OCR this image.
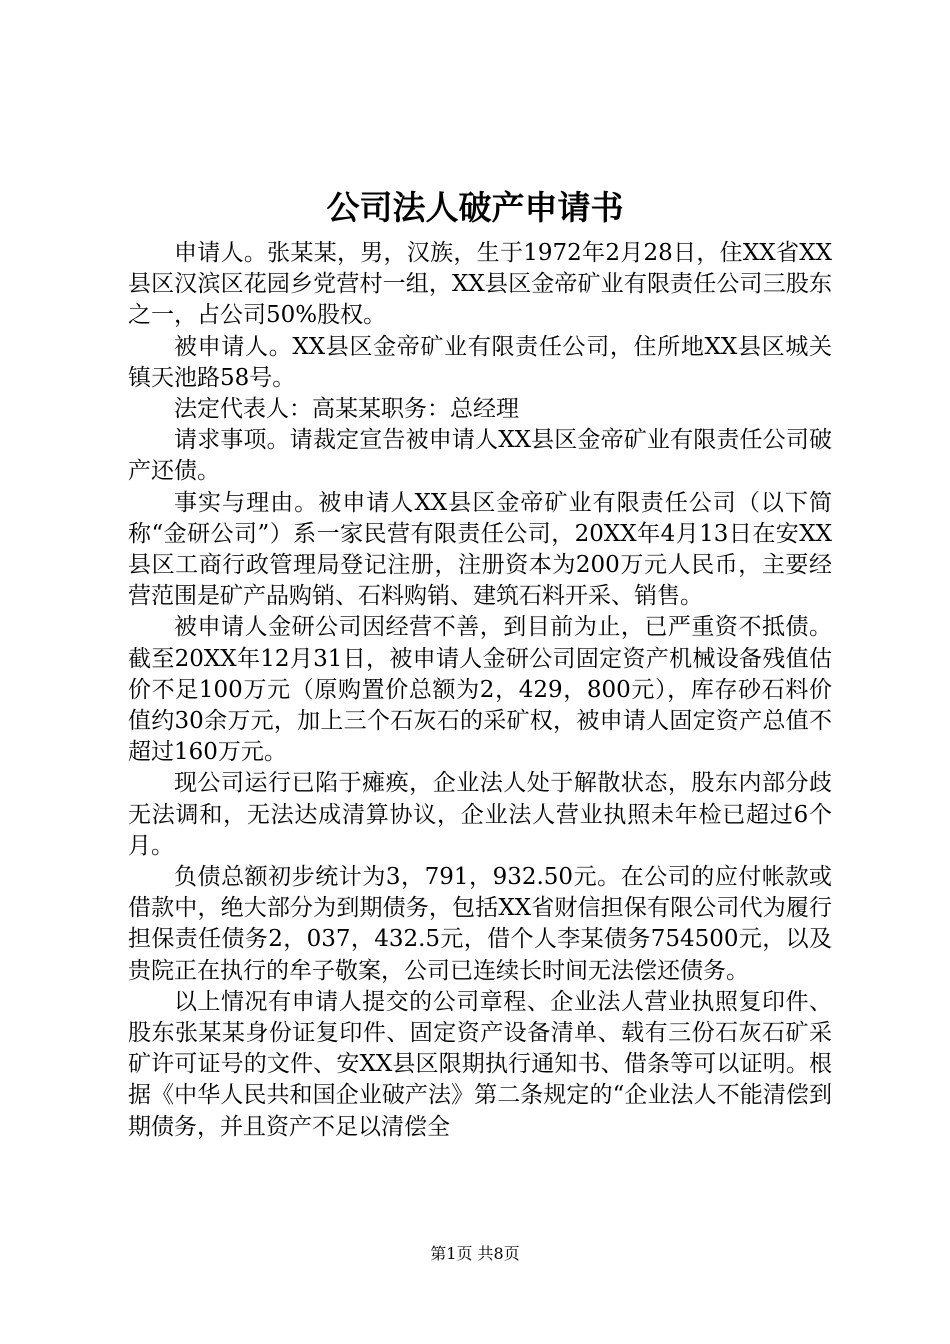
公司法人破产申请书

申请人。张某某，男，汉族，生于1972年2月28日，住XX省XX县区汉滨区花园乡党营村一组，XX县区金帝矿业有限责任公司三股东之一，占公司50%股权。

被申请人。XX县区金帝矿业有限责任公司，住所地XX县区城关镇天池路58号。

法定代表人：高某某职务：总经理

请求事项。请裁定宣告被申请人XX县区金帝矿业有限责任公司破产还债。

事实与理由。被申请人XX县区金帝矿业有限责任公司（以下简称“金研公司”）系一家民营有限责任公司，20XX年4月13日在安XX县区工商行政管理局登记注册，注册资本为200万元人民币，主要经营范围是矿产品购销、石料购销、建筑石料开采、销售。

被申请人金研公司因经营不善，到目前为止，已严重资不抵债。截至20XX年12月31日，被申请人金研公司固定资产机械设备残值估价不足100万元（原购置价总额为2，429，800元），库存砂石料价值约30余万元，加上三个石灰石的采矿权，被申请人固定资产总值不超过160万元。

现公司运行已陷于瘫痪，企业法人处于解散状态，股东内部分歧无法调和，无法达成清算协议，企业法人营业执照未年检已超过6个月。

负债总额初步统计为3，791，932.50元。在公司的应付帐款或借款中，绝大部分为到期债务，包括XX省财信担保有限公司代为履行担保责任债务2，037，432.5元，借个人李某债务754500元，以及贵院正在执行的牟子敬案，公司已连续长时间无法偿还债务。

以上情况有申请人提交的公司章程、企业法人营业执照复印件、股东张某某身份证复印件、固定资产设备清单、载有三份石灰石矿采矿许可证号的文件、安XX县区限期执行通知书、借条等可以证明。根据《中华人民共和国企业破产法》第二条规定的“企业法人不能清偿到期债务，并且资产不足以清偿全

第1页 共8页
